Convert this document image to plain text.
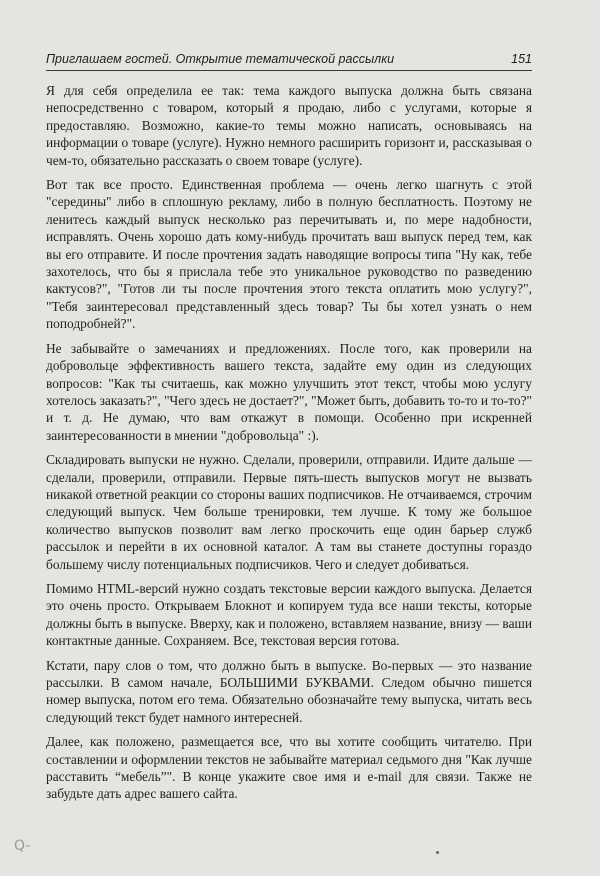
Приглашаем гостей. Открытие тематической рассылки	151

Я для себя определила ее так: тема каждого выпуска должна быть связана непосредственно с товаром, который я продаю, либо с услугами, которые я предоставляю. Возможно, какие-то темы можно написать, основываясь на информации о товаре (услуге). Нужно немного расширить горизонт и, рассказывая о чем-то, обязательно рассказать о своем товаре (услуге).

Вот так все просто. Единственная проблема — очень легко шагнуть с этой "середины" либо в сплошную рекламу, либо в полную бесплатность. Поэтому не ленитесь каждый выпуск несколько раз перечитывать и, по мере надобности, исправлять. Очень хорошо дать кому-нибудь прочитать ваш выпуск перед тем, как вы его отправите. И после прочтения задать наводящие вопросы типа "Ну как, тебе захотелось, что бы я прислала тебе это уникальное руководство по разведению кактусов?", "Готов ли ты после прочтения этого текста оплатить мою услугу?", "Тебя заинтересовал представленный здесь товар? Ты бы хотел узнать о нем поподробней?".

Не забывайте о замечаниях и предложениях. После того, как проверили на добровольце эффективность вашего текста, задайте ему один из следующих вопросов: "Как ты считаешь, как можно улучшить этот текст, чтобы мою услугу хотелось заказать?", "Чего здесь не достает?", "Может быть, добавить то-то и то-то?" и т. д. Не думаю, что вам откажут в помощи. Особенно при искренней заинтересованности в мнении "добровольца" :).

Складировать выпуски не нужно. Сделали, проверили, отправили. Идите дальше — сделали, проверили, отправили. Первые пять-шесть выпусков могут не вызвать никакой ответной реакции со стороны ваших подписчиков. Не отчаиваемся, строчим следующий выпуск. Чем больше тренировки, тем лучше. К тому же большое количество выпусков позволит вам легко проскочить еще один барьер служб рассылок и перейти в их основной каталог. А там вы станете доступны гораздо большему числу потенциальных подписчиков. Чего и следует добиваться.

Помимо HTML-версий нужно создать текстовые версии каждого выпуска. Делается это очень просто. Открываем Блокнот и копируем туда все наши тексты, которые должны быть в выпуске. Вверху, как и положено, вставляем название, внизу — ваши контактные данные. Сохраняем. Все, текстовая версия готова.

Кстати, пару слов о том, что должно быть в выпуске. Во-первых — это название рассылки. В самом начале, БОЛЬШИМИ БУКВАМИ. Следом обычно пишется номер выпуска, потом его тема. Обязательно обозначайте тему выпуска, читать весь следующий текст будет намного интересней.

Далее, как положено, размещается все, что вы хотите сообщить читателю. При составлении и оформлении текстов не забывайте материал седьмого дня "Как лучше расставить “мебель”". В конце укажите свое имя и e-mail для связи. Также не забудьте дать адрес вашего сайта.

Q-
